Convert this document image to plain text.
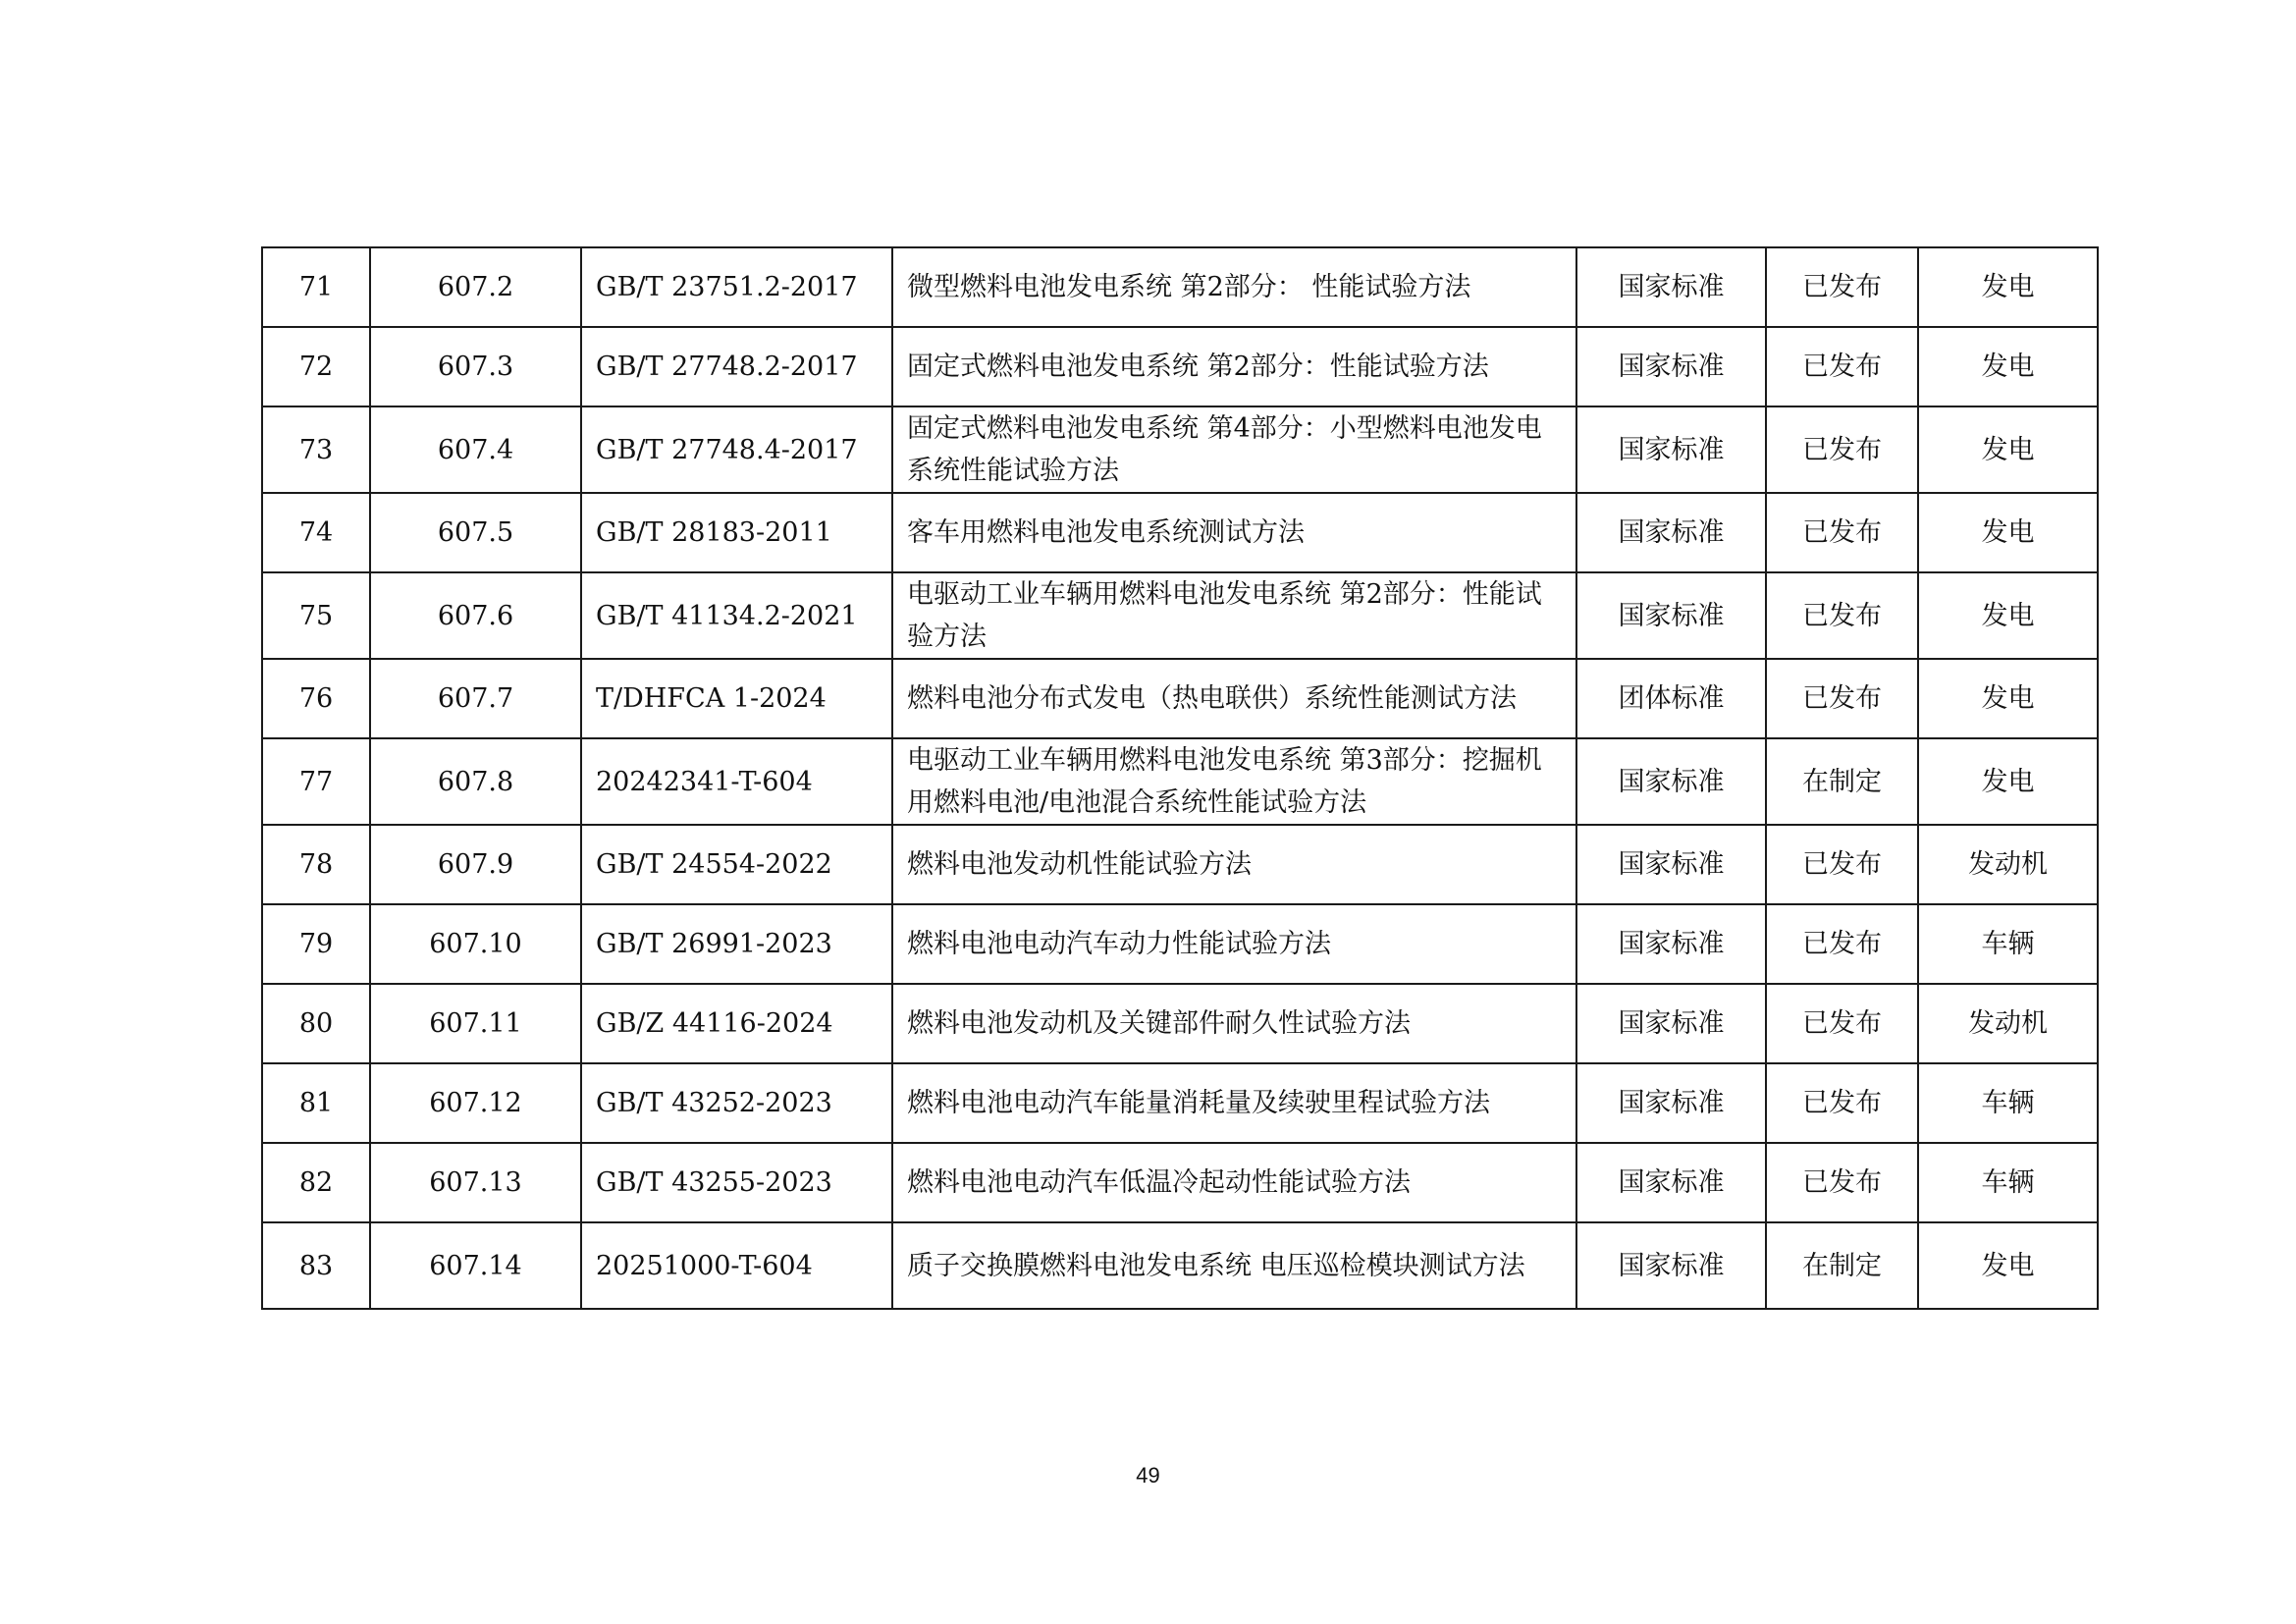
71	607.2	GB/T 23751.2-2017	微型燃料电池发电系统 第2部分： 性能试验方法	国家标准	已发布	发电
72	607.3	GB/T 27748.2-2017	固定式燃料电池发电系统 第2部分：性能试验方法	国家标准	已发布	发电
73	607.4	GB/T 27748.4-2017	固定式燃料电池发电系统 第4部分：小型燃料电池发电系统性能试验方法	国家标准	已发布	发电
74	607.5	GB/T 28183-2011	客车用燃料电池发电系统测试方法	国家标准	已发布	发电
75	607.6	GB/T 41134.2-2021	电驱动工业车辆用燃料电池发电系统 第2部分：性能试验方法	国家标准	已发布	发电
76	607.7	T/DHFCA 1-2024	燃料电池分布式发电（热电联供）系统性能测试方法	团体标准	已发布	发电
77	607.8	20242341-T-604	电驱动工业车辆用燃料电池发电系统 第3部分：挖掘机用燃料电池/电池混合系统性能试验方法	国家标准	在制定	发电
78	607.9	GB/T 24554-2022	燃料电池发动机性能试验方法	国家标准	已发布	发动机
79	607.10	GB/T 26991-2023	燃料电池电动汽车动力性能试验方法	国家标准	已发布	车辆
80	607.11	GB/Z 44116-2024	燃料电池发动机及关键部件耐久性试验方法	国家标准	已发布	发动机
81	607.12	GB/T 43252-2023	燃料电池电动汽车能量消耗量及续驶里程试验方法	国家标准	已发布	车辆
82	607.13	GB/T 43255-2023	燃料电池电动汽车低温冷起动性能试验方法	国家标准	已发布	车辆
83	607.14	20251000-T-604	质子交换膜燃料电池发电系统 电压巡检模块测试方法	国家标准	在制定	发电
49
